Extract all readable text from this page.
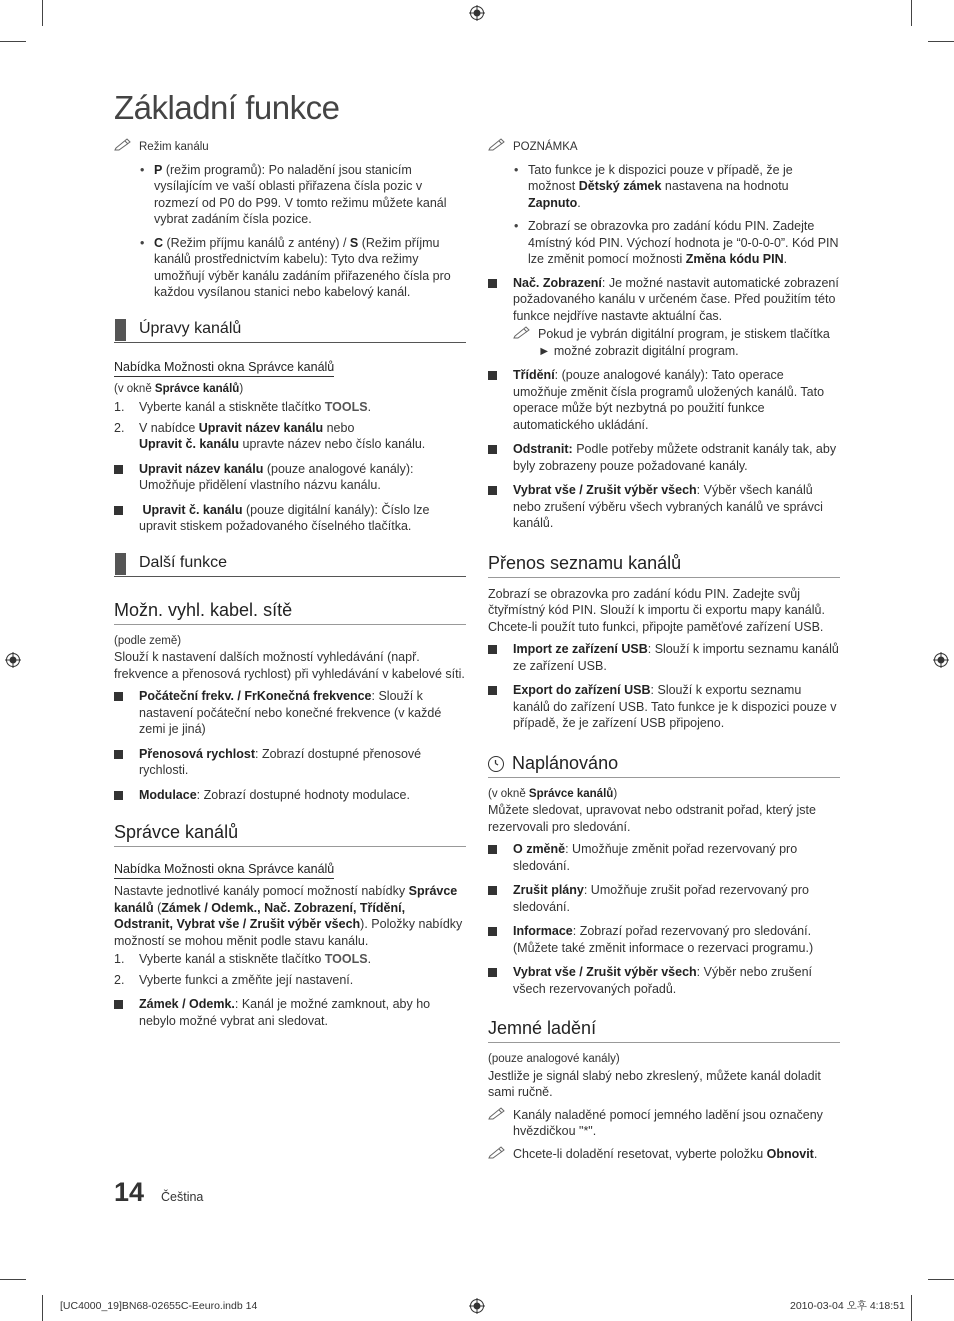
Základní funkce
Režim kanálu
• P (režim programů): Po naladění jsou stanicím vysílajícím ve vaší oblasti přiřazena čísla pozic v rozmezí od P0 do P99. V tomto režimu můžete kanál vybrat zadáním čísla pozice.
• C (Režim příjmu kanálů z antény) / S (Režim příjmu kanálů prostřednictvím kabelu): Tyto dva režimy umožňují výběr kanálu zadáním přiřazeného čísla pro každou vysílanou stanici nebo kabelový kanál.
Úpravy kanálů
Nabídka Možnosti okna Správce kanálů

(v okně Správce kanálů)

1. Vyberte kanál a stiskněte tlačítko TOOLS.
2. V nabídce Upravit název kanálu nebo
Upravit č. kanálu upravte název nebo číslo kanálu.
Upravit název kanálu (pouze analogové kanály): Umožňuje přidělení vlastního názvu kanálu.
Upravit č. kanálu (pouze digitální kanály): Číslo lze upravit stiskem požadovaného číselného tlačítka.
Další funkce
Možn. vyhl. kabel. sítě

(podle země)

Slouží k nastavení dalších možností vyhledávání (např. frekvence a přenosová rychlost) při vyhledávání v kabelové síti.

Počáteční frekv. / FrKonečná frekvence: Slouží k nastavení počáteční nebo konečné frekvence (v každé zemi je jiná)
Přenosová rychlost: Zobrazí dostupné přenosové rychlosti.
Modulace: Zobrazí dostupné hodnoty modulace.
Správce kanálů
Nabídka Možnosti okna Správce kanálů

Nastavte jednotlivé kanály pomocí možností nabídky Správce kanálů (Zámek / Odemk., Nač. Zobrazení, Třídění, Odstranit, Vybrat vše / Zrušit výběr všech). Položky nabídky možností se mohou měnit podle stavu kanálu.

1. Vyberte kanál a stiskněte tlačítko TOOLS.
2. Vyberte funkci a změňte její nastavení.
Zámek / Odemk.: Kanál je možné zamknout, aby ho nebylo možné vybrat ani sledovat.
POZNÁMKA
• Tato funkce je k dispozici pouze v případě, že je možnost Dětský zámek nastavena na hodnotu Zapnuto.
• Zobrazí se obrazovka pro zadání kódu PIN. Zadejte 4místný kód PIN. Výchozí hodnota je “0-0-0-0”. Kód PIN lze změnit pomocí možnosti Změna kódu PIN.
Nač. Zobrazení: Je možné nastavit automatické zobrazení požadovaného kanálu v určeném čase. Před použitím této funkce nejdříve nastavte aktuální čas.
Pokud je vybrán digitální program, je stiskem tlačítka ► možné zobrazit digitální program.
Třídění: (pouze analogové kanály): Tato operace umožňuje změnit čísla programů uložených kanálů. Tato operace může být nezbytná po použití funkce automatického ukládání.
Odstranit: Podle potřeby můžete odstranit kanály tak, aby byly zobrazeny pouze požadované kanály.
Vybrat vše / Zrušit výběr všech: Výběr všech kanálů nebo zrušení výběru všech vybraných kanálů ve správci kanálů.
Přenos seznamu kanálů

Zobrazí se obrazovka pro zadání kódu PIN. Zadejte svůj čtyřmístný kód PIN. Slouží k importu či exportu mapy kanálů. Chcete-li použít tuto funkci, připojte paměťové zařízení USB.

Import ze zařízení USB: Slouží k importu seznamu kanálů ze zařízení USB.
Export do zařízení USB: Slouží k exportu seznamu kanálů do zařízení USB. Tato funkce je k dispozici pouze v případě, že je zařízení USB připojeno.
Naplánováno

(v okně Správce kanálů)

Můžete sledovat, upravovat nebo odstranit pořad, který jste rezervovali pro sledování.

O změně: Umožňuje změnit pořad rezervovaný pro sledování.
Zrušit plány: Umožňuje zrušit pořad rezervovaný pro sledování.
Informace: Zobrazí pořad rezervovaný pro sledování. (Můžete také změnit informace o rezervaci programu.)
Vybrat vše / Zrušit výběr všech: Výběr nebo zrušení všech rezervovaných pořadů.
Jemné ladění

(pouze analogové kanály)

Jestliže je signál slabý nebo zkreslený, můžete kanál doladit sami ručně.

Kanály naladěné pomocí jemného ladění jsou označeny hvězdičkou "*".
Chcete-li doladění resetovat, vyberte položku Obnovit.
14 Čeština
[UC4000_19]BN68-02655C-Eeuro.indb 14	2010-03-04 오후 4:18:51
